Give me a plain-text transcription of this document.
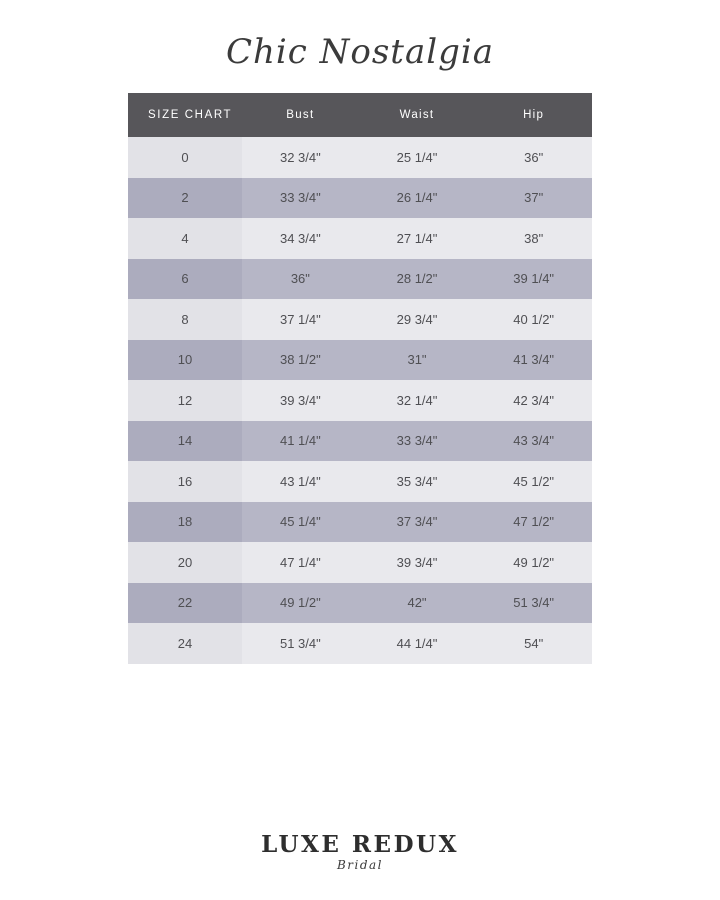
Chic Nostalgia
SIZE CHART	Bust	Waist	Hip
0	32 3/4"	25 1/4"	36"
2	33 3/4"	26 1/4"	37"
4	34 3/4"	27 1/4"	38"
6	36"	28 1/2"	39 1/4"
8	37 1/4"	29 3/4"	40 1/2"
10	38 1/2"	31"	41 3/4"
12	39 3/4"	32 1/4"	42 3/4"
14	41 1/4"	33 3/4"	43 3/4"
16	43 1/4"	35 3/4"	45 1/2"
18	45 1/4"	37 3/4"	47 1/2"
20	47 1/4"	39 3/4"	49 1/2"
22	49 1/2"	42"	51 3/4"
24	51 3/4"	44 1/4"	54"
LUXE REDUX
Bridal
